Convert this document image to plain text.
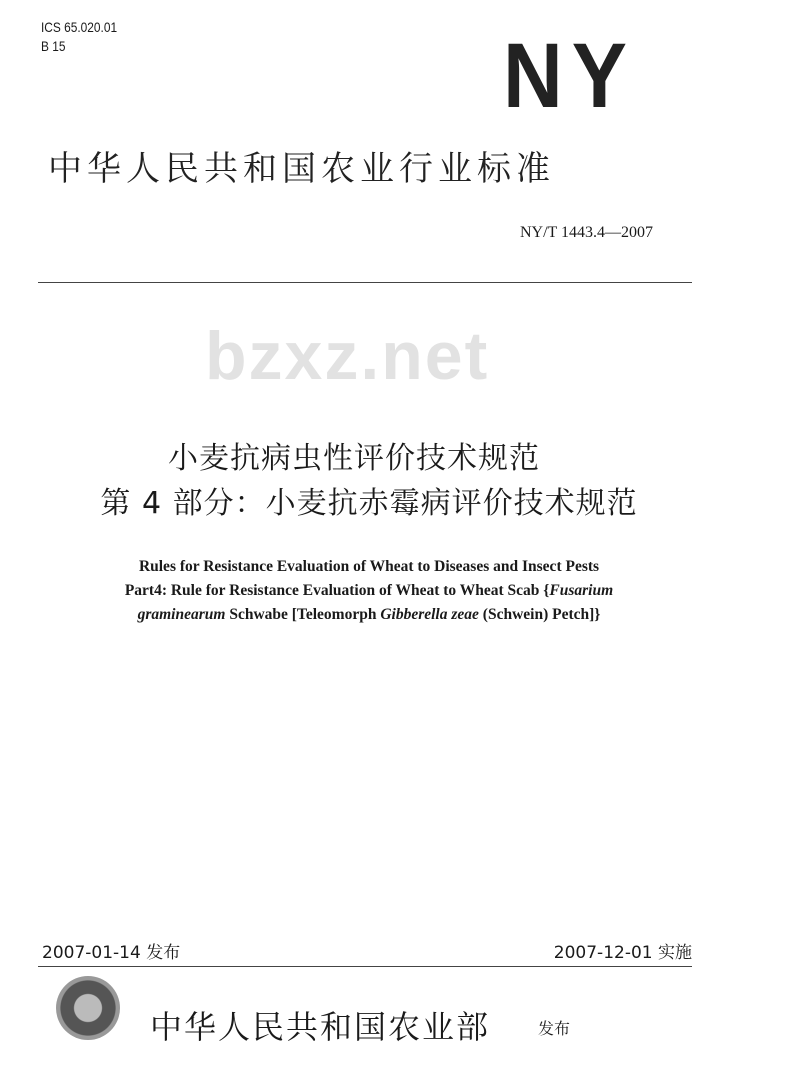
ICS 65.020.01
B 15	NY
中华人民共和国农业行业标准
NY/T 1443.4—2007
bzxz.net
小麦抗病虫性评价技术规范
第 4 部分：小麦抗赤霉病评价技术规范
Rules for Resistance Evaluation of Wheat to Diseases and Insect Pests
Part4: Rule for Resistance Evaluation of Wheat to Wheat Scab {Fusarium
graminearum Schwabe [Teleomorph Gibberella zeae (Schwein) Petch]}
2007-01-14 发布	2007-12-01 实施
中华人民共和国农业部	发布
